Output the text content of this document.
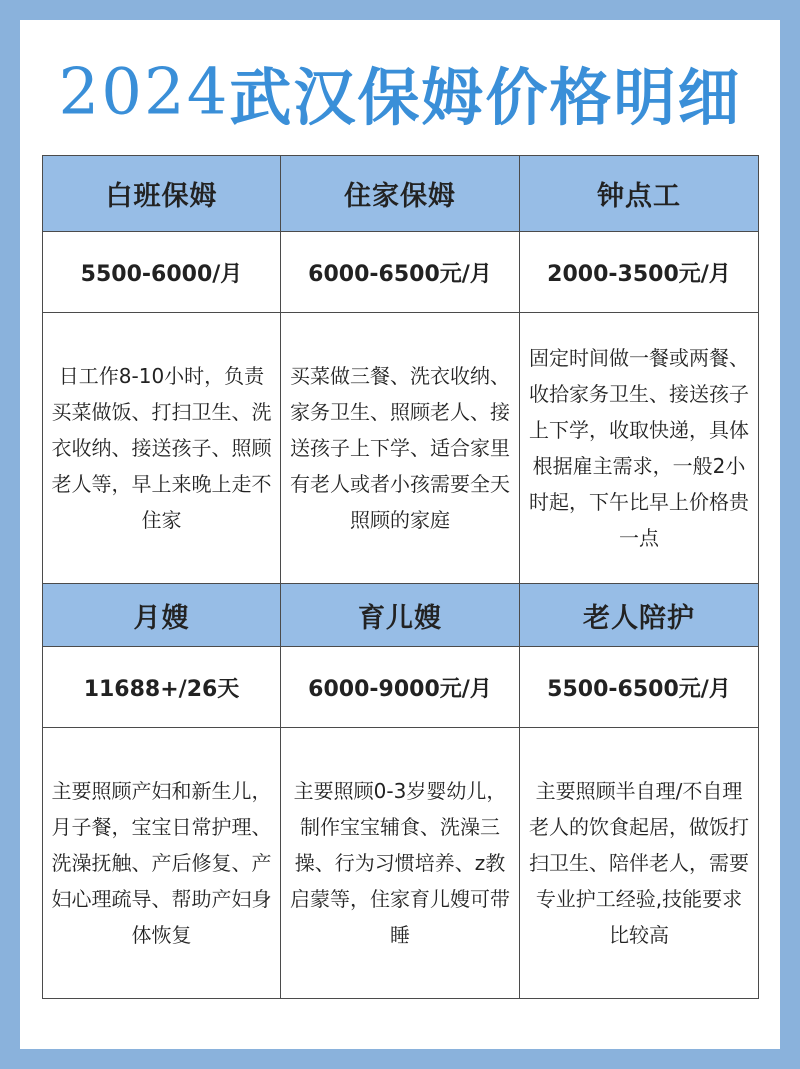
2024武汉保姆价格明细
白班保姆	住家保姆	钟点工
5500-6000/月	6000-6500元/月	2000-3500元/月
日工作8-10小时，负责买菜做饭、打扫卫生、洗衣收纳、接送孩子、照顾老人等，早上来晚上走不住家	买菜做三餐、洗衣收纳、家务卫生、照顾老人、接送孩子上下学、适合家里有老人或者小孩需要全天照顾的家庭	固定时间做一餐或两餐、收拾家务卫生、接送孩子上下学，收取快递，具体根据雇主需求，一般2小时起，下午比早上价格贵一点
月嫂	育儿嫂	老人陪护
11688+/26天	6000-9000元/月	5500-6500元/月
主要照顾产妇和新生儿，月子餐，宝宝日常护理、洗澡抚触、产后修复、产妇心理疏导、帮助产妇身体恢复	主要照顾0-3岁婴幼儿，制作宝宝辅食、洗澡三操、行为习惯培养、z教启蒙等，住家育儿嫂可带睡	主要照顾半自理/不自理老人的饮食起居，做饭打扫卫生、陪伴老人，需要专业护工经验,技能要求比较高
